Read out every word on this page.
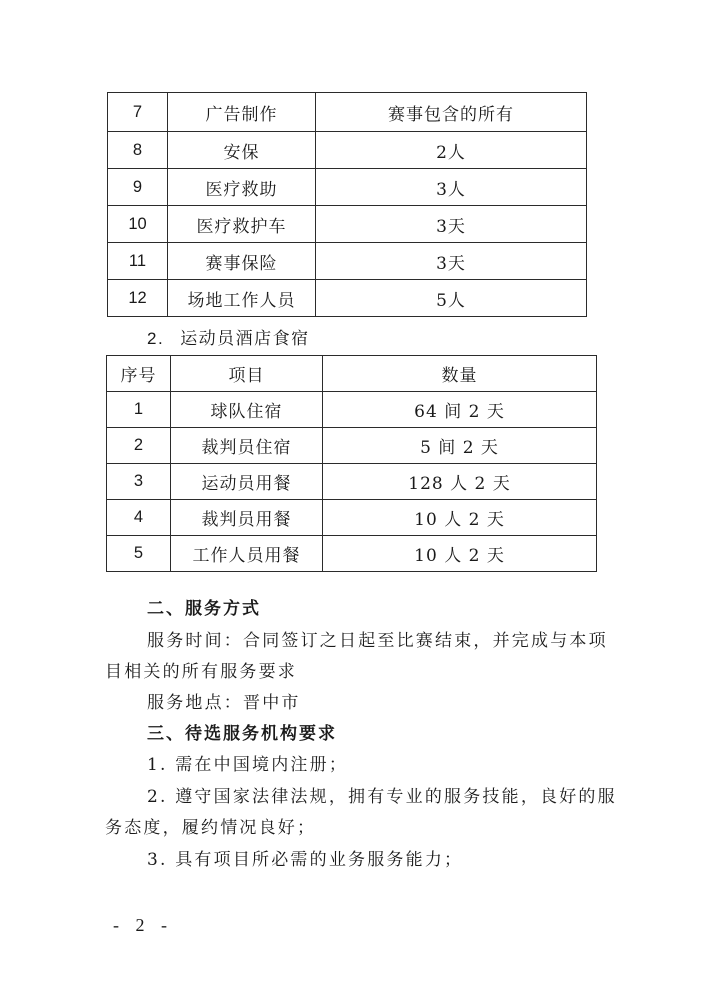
7	广告制作	赛事包含的所有
8	安保	2人
9	医疗救助	3人
10	医疗救护车	3天
11	赛事保险	3天
12	场地工作人员	5人
2. 运动员酒店食宿
序号	项目	数量
1	球队住宿	64 间 2 天
2	裁判员住宿	5 间 2 天
3	运动员用餐	128 人 2 天
4	裁判员用餐	10 人 2 天
5	工作人员用餐	10 人 2 天
二、服务方式
服务时间：合同签订之日起至比赛结束，并完成与本项
目相关的所有服务要求
服务地点：晋中市
三、待选服务机构要求
1. 需在中国境内注册；
2. 遵守国家法律法规，拥有专业的服务技能，良好的服
务态度，履约情况良好；
3. 具有项目所必需的业务服务能力；
- 2 -
